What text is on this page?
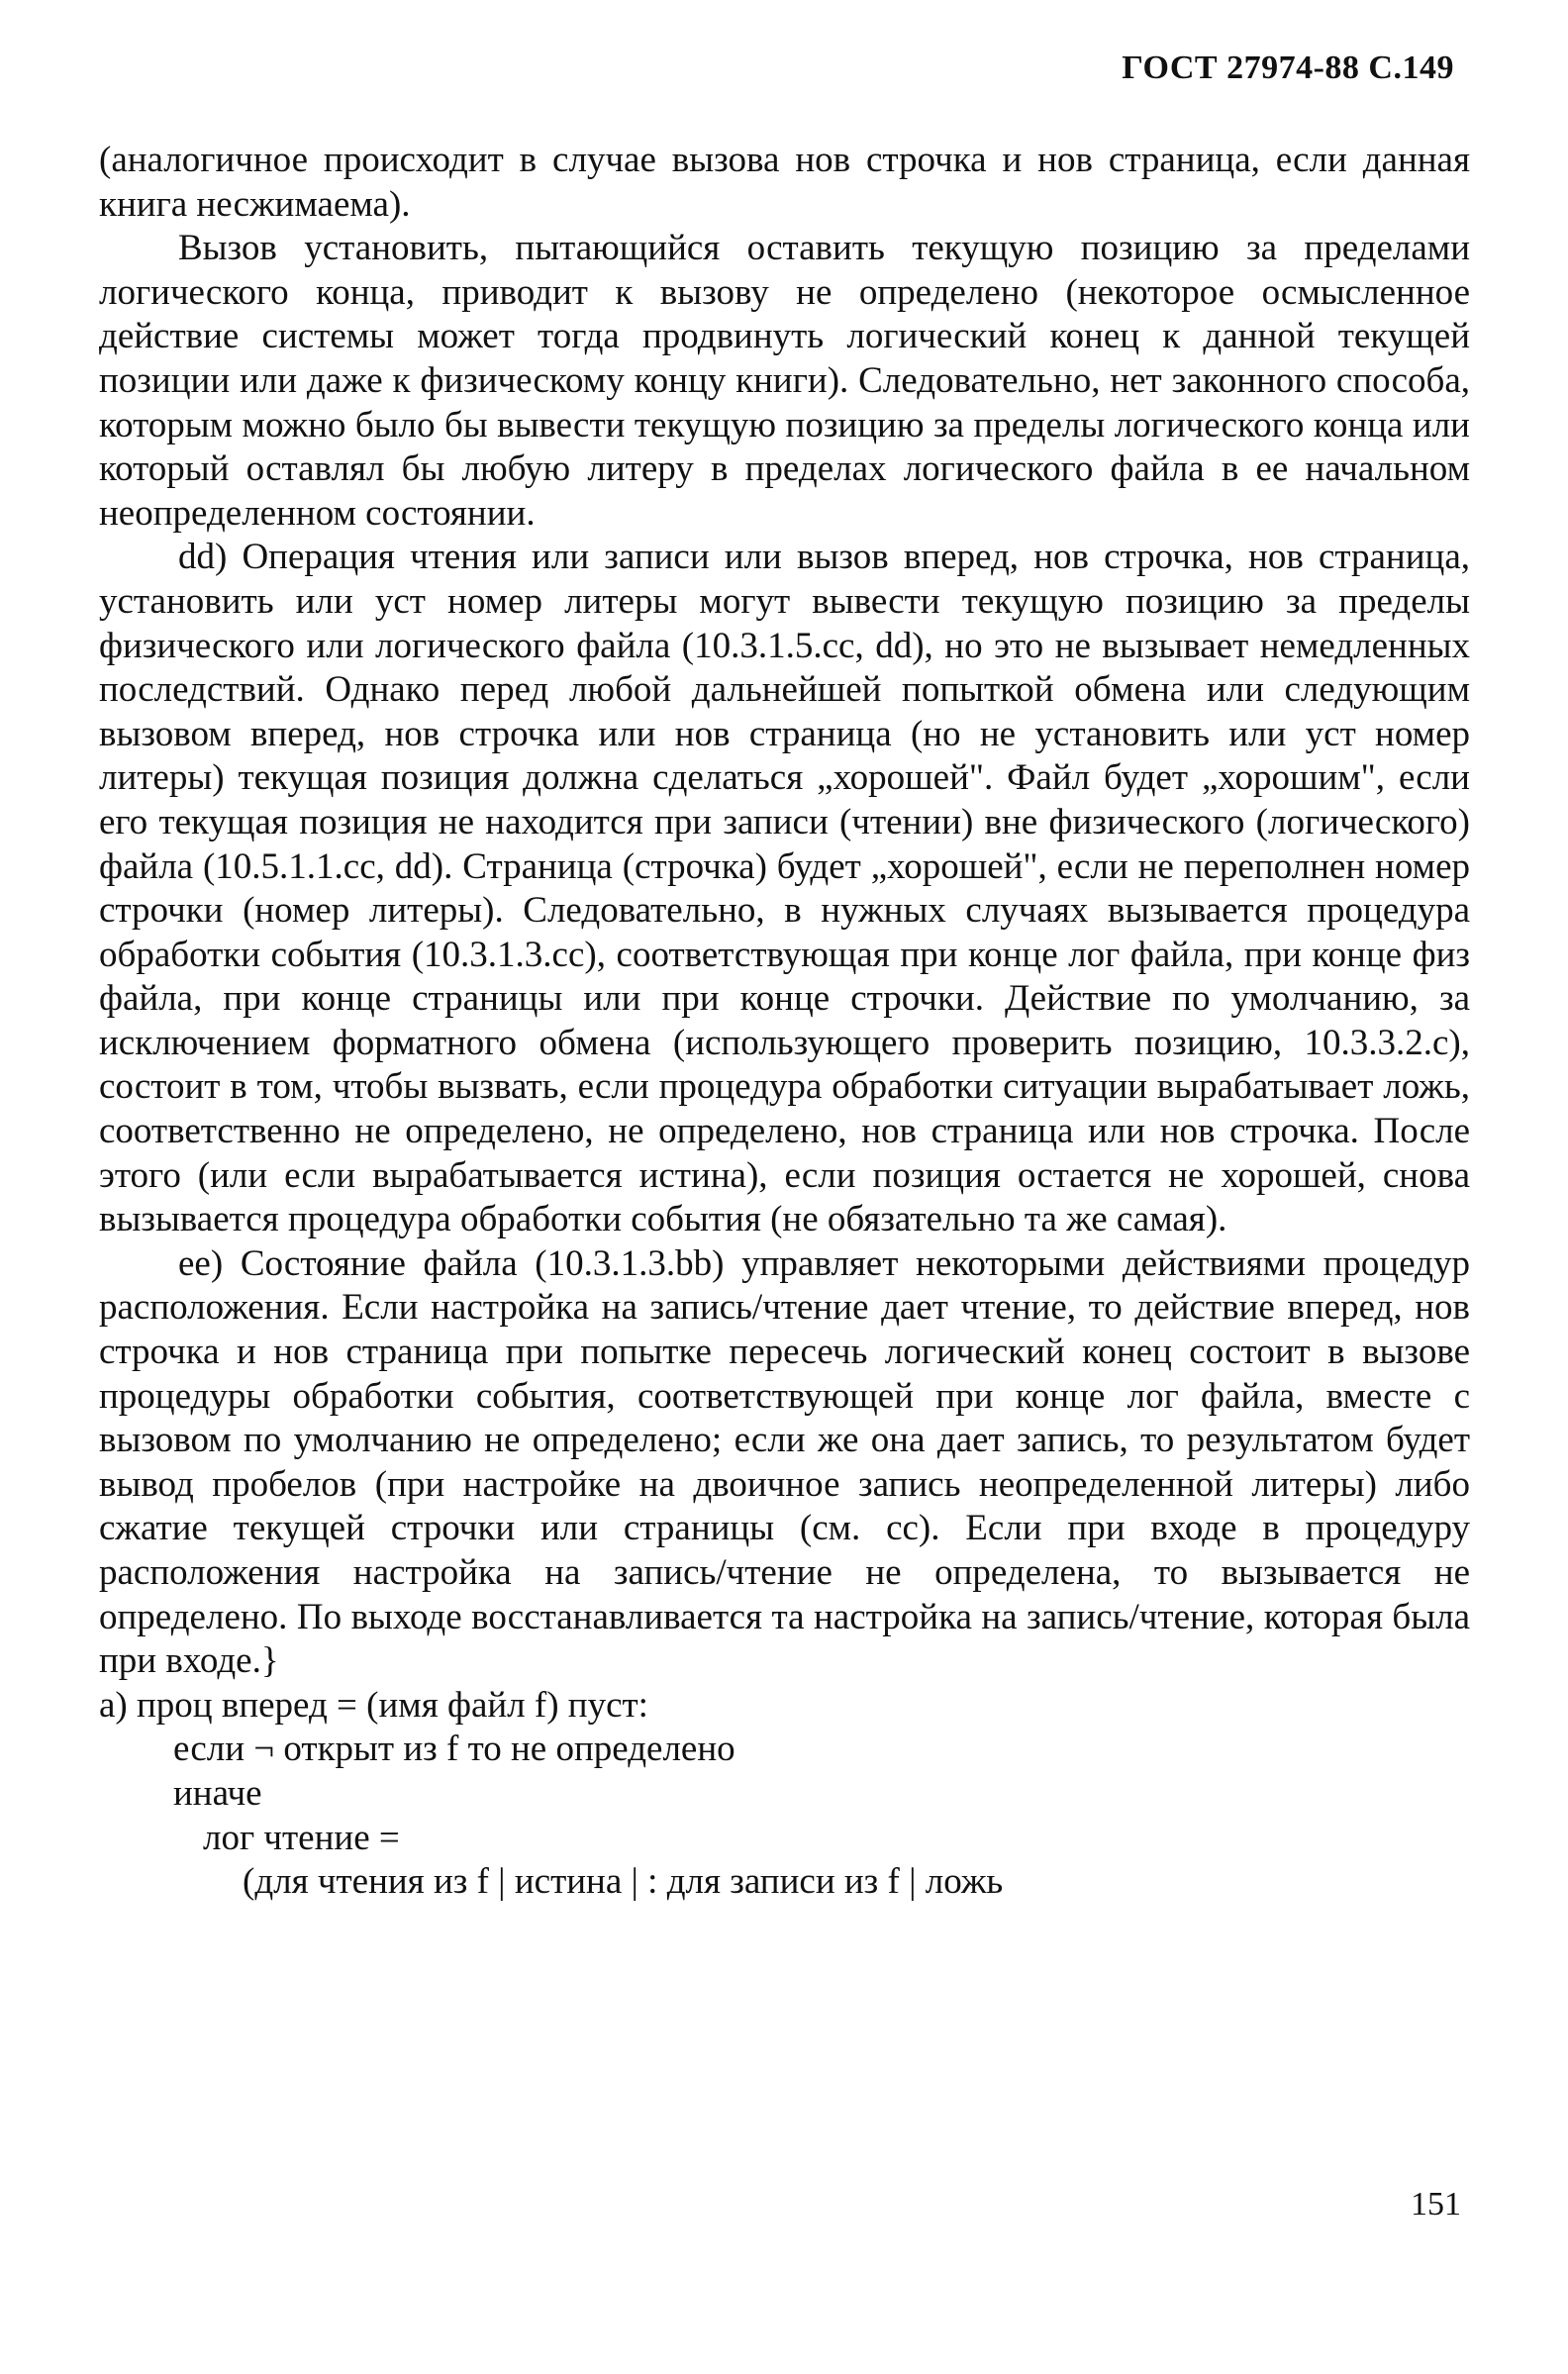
ГОСТ 27974-88 С.149

(аналогичное происходит в случае вызова нов строчка и нов страница, если данная книга несжимаема).

Вызов установить, пытающийся оставить текущую позицию за пределами логического конца, приводит к вызову не определено (некоторое осмысленное действие системы может тогда продвинуть логический конец к данной текущей позиции или даже к физическому концу книги). Следовательно, нет законного способа, которым можно было бы вывести текущую позицию за пределы логического конца или который оставлял бы любую литеру в пределах логического файла в ее начальном неопределенном состоянии.

dd) Операция чтения или записи или вызов вперед, нов строчка, нов страница, установить или уст номер литеры могут вывести текущую позицию за пределы физического или логического файла (10.3.1.5.cc, dd), но это не вызывает немедленных последствий. Однако перед любой дальнейшей попыткой обмена или следующим вызовом вперед, нов строчка или нов страница (но не установить или уст номер литеры) текущая позиция должна сделаться „хорошей". Файл будет „хорошим", если его текущая позиция не находится при записи (чтении) вне физического (логического) файла (10.5.1.1.cc, dd). Страница (строчка) будет „хорошей", если не переполнен номер строчки (номер литеры). Следовательно, в нужных случаях вызывается процедура обработки события (10.3.1.3.cc), соответствующая при конце лог файла, при конце физ файла, при конце страницы или при конце строчки. Действие по умолчанию, за исключением форматного обмена (использующего проверить позицию, 10.3.3.2.c), состоит в том, чтобы вызвать, если процедура обработки ситуации вырабатывает ложь, соответственно не определено, не определено, нов страница или нов строчка. После этого (или если вырабатывается истина), если позиция остается не хорошей, снова вызывается процедура обработки события (не обязательно та же самая).

ee) Состояние файла (10.3.1.3.bb) управляет некоторыми действиями процедур расположения. Если настройка на запись/чтение дает чтение, то действие вперед, нов строчка и нов страница при попытке пересечь логический конец состоит в вызове процедуры обработки события, соответствующей при конце лог файла, вместе с вызовом по умолчанию не определено; если же она дает запись, то результатом будет вывод пробелов (при настройке на двоичное запись неопределенной литеры) либо сжатие текущей строчки или страницы (см. cc). Если при входе в процедуру расположения настройка на запись/чтение не определена, то вызывается не определено. По выходе восстанавливается та настройка на запись/чтение, которая была при входе.}

a) проц вперед = (имя файл f) пуст:
если ¬ открыт из f то не определено
иначе
лог чтение =
(для чтения из f | истина | : для записи из f | ложь
151
